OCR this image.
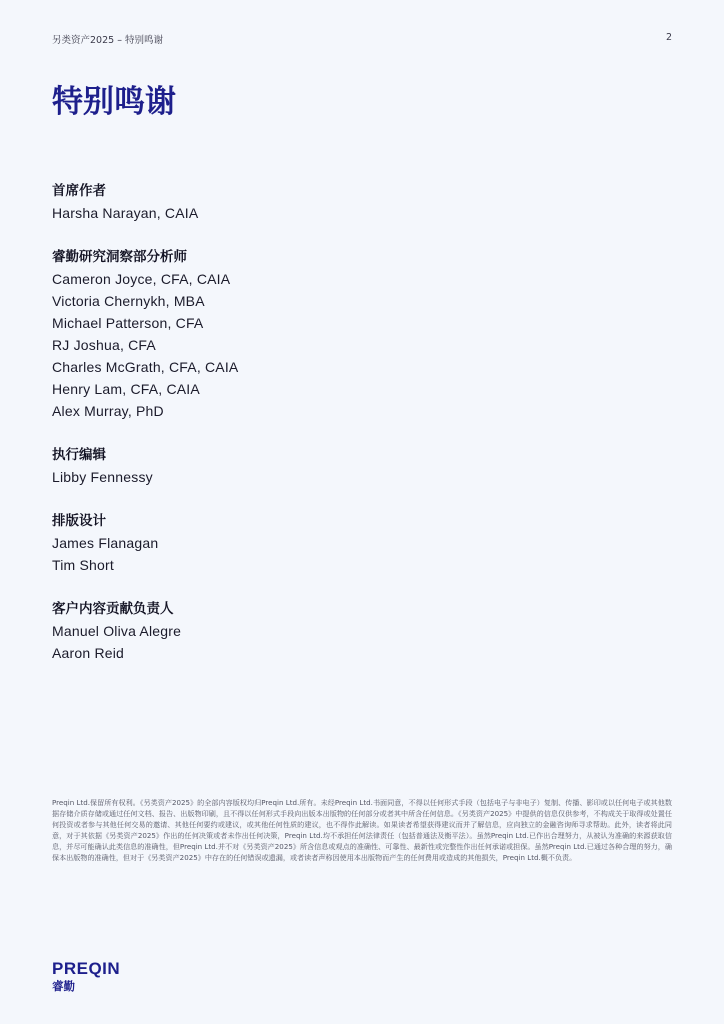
另类资产2025 – 特别鸣谢	2
特别鸣谢
首席作者
Harsha Narayan, CAIA
睿勤研究洞察部分析师
Cameron Joyce, CFA, CAIA
Victoria Chernykh, MBA
Michael Patterson, CFA
RJ Joshua, CFA
Charles McGrath, CFA, CAIA
Henry Lam, CFA, CAIA
Alex Murray, PhD
执行编辑
Libby Fennessy
排版设计
James Flanagan
Tim Short
客户内容贡献负责人
Manuel Oliva Alegre
Aaron Reid
Preqin Ltd.保留所有权利。《另类资产2025》的全部内容版权均归Preqin Ltd.所有。未经Preqin Ltd.书面同意，不得以任何形式手段（包括电子与非电子）复制、传播、影印或以任何电子或其他数据存储介质存储或通过任何文档、报告、出版物印刷，且不得以任何形式手段向出版本出版物的任何部分或者其中所含任何信息。《另类资产2025》中提供的信息仅供参考，不构成关于取得或处置任何投资或者参与其他任何交易的邀请、其他任何要约或建议，或其他任何性质的建议，也不得作此解读。如果读者希望获得建议而并了解信息，应向独立的金融咨询师寻求帮助。此外，读者将此同意，对于其依据《另类资产2025》作出的任何决策或者未作出任何决策，Preqin Ltd.均不承担任何法律责任（包括普通法及衡平法）。虽然Preqin Ltd.已作出合理努力，从被认为准确的来源获取信息，并尽可能确认此类信息的准确性，但Preqin Ltd.并不对《另类资产2025》所含信息或观点的准确性、可靠性、最新性或完整性作出任何承诺或担保。虽然Preqin Ltd.已通过各种合理的努力，确保本出版物的准确性，但对于《另类资产2025》中存在的任何错误或遗漏，或者读者声称因使用本出版物而产生的任何费用或造成的其他损失，Preqin Ltd.概不负责。
PREQIN
睿勤
